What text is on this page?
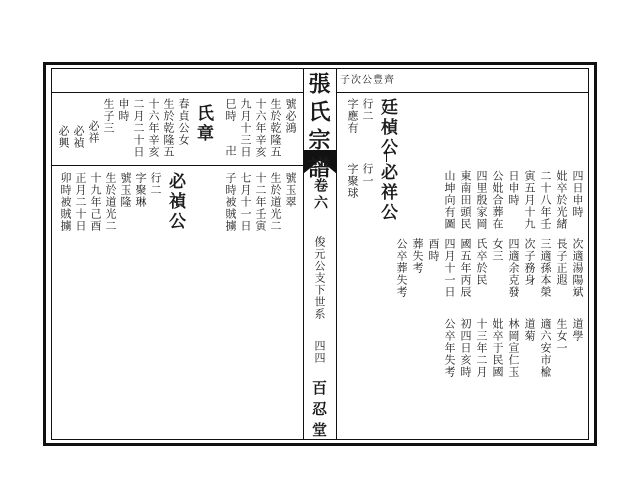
張氏宗譜
卷六
俊元公支下世系
四四
百忍堂
子次公豊齊
行二
字應有 廷楨公
必祥公
行一
字聚球	四日申時
妣卒於光緒
二十八年壬
寅五月十九
日申時
公妣合葬在
四里殷家岡
東南田頭民
山坤向有圖
次適湯陽斌
長子正遐
三適孫本榮
次子務身
四適余克發
女三
氏卒於民
國五年丙辰
四月十一日
酉時
葬失考
公卒葬失考
生女一 道學
適六安市楡
道菊
林岡宣仁玉
妣卒于民國
十三年二月
初四日亥時
公卒年失考
號必鴻
生於乾隆五
十六年辛亥
九月十三日
巳時
卍
氏章
春貞公女
生於乾隆五
十六年辛亥
二月二十日
申時
生子三
必祥
必禎
必興
號玉翠
生於道光二
十二年壬寅
七月十一日
子時被賊擄
必禎公
行二
字聚琳
號玉隆
生於道光二
十九年己酉
正月二十日
卯時被賊擄
